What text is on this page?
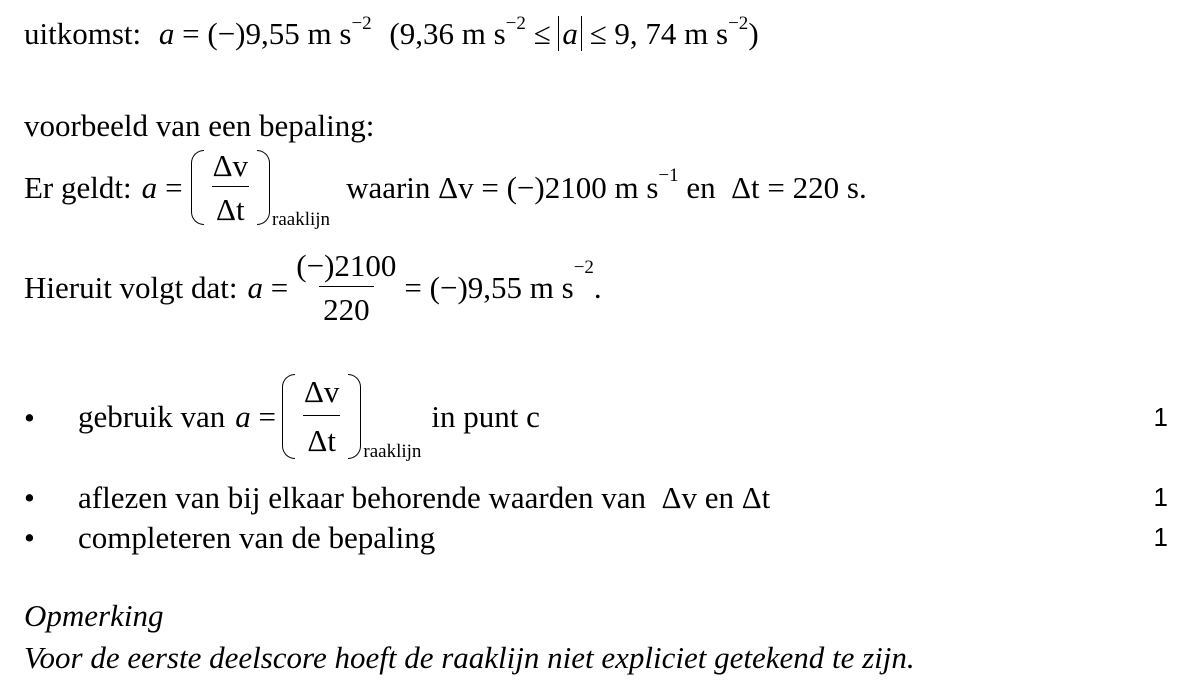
uitkomst: a = (−)9,55 m $s^{-2}$ (9,36 m $s^{-2} \le a \le 9$, 74 m $s^{-2}$)
voorbeeld van een bepaling:
Er geldt: $a = \frac{\Delta v}{\Delta t}$ raaklijn
waarin Δv = (−)2100 m $s^{-1}$ en  Δt = 220 s.
Hieruit volgt dat: $a = \frac{(-)2100}{220} = (-)9,55$ m s
$^{-2}$
.
• gebruik van $a = \frac{\Delta v}{\Delta t}$ raaklijn
in punt c	1
• aflezen van bij elkaar behorende waarden van  Δv en Δt	1
• completeren van de bepaling	1
Opmerking
Voor de eerste deelscore hoeft de raaklijn niet expliciet getekend te zijn.
